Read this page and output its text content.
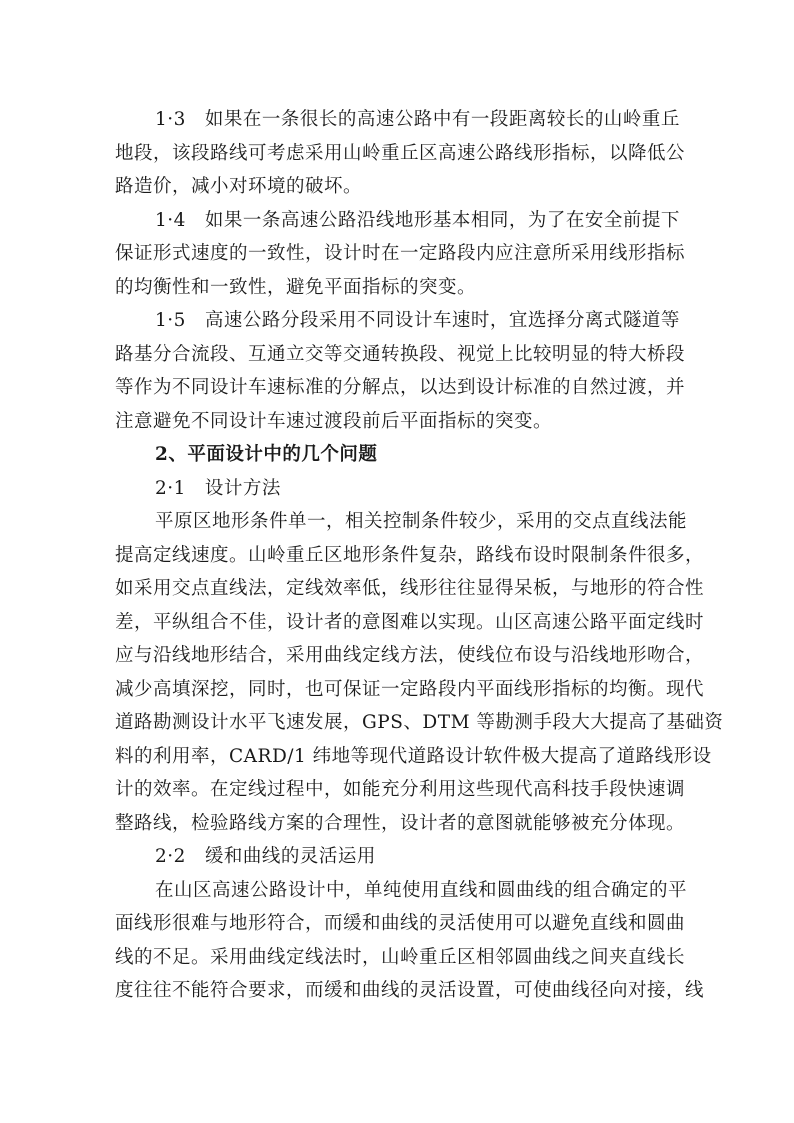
1·3　如果在一条很长的高速公路中有一段距离较长的山岭重丘
地段，该段路线可考虑采用山岭重丘区高速公路线形指标，以降低公
路造价，减小对环境的破坏。
1·4　如果一条高速公路沿线地形基本相同，为了在安全前提下
保证形式速度的一致性，设计时在一定路段内应注意所采用线形指标
的均衡性和一致性，避免平面指标的突变。
1·5　高速公路分段采用不同设计车速时，宜选择分离式隧道等
路基分合流段、互通立交等交通转换段、视觉上比较明显的特大桥段
等作为不同设计车速标准的分解点，以达到设计标准的自然过渡，并
注意避免不同设计车速过渡段前后平面指标的突变。
2、平面设计中的几个问题
2·1　设计方法
平原区地形条件单一，相关控制条件较少，采用的交点直线法能
提高定线速度。山岭重丘区地形条件复杂，路线布设时限制条件很多，
如采用交点直线法，定线效率低，线形往往显得呆板，与地形的符合性
差，平纵组合不佳，设计者的意图难以实现。山区高速公路平面定线时
应与沿线地形结合，采用曲线定线方法，使线位布设与沿线地形吻合，
减少高填深挖，同时，也可保证一定路段内平面线形指标的均衡。现代
道路勘测设计水平飞速发展，GPS、DTM 等勘测手段大大提高了基础资
料的利用率，CARD/1 纬地等现代道路设计软件极大提高了道路线形设
计的效率。在定线过程中，如能充分利用这些现代高科技手段快速调
整路线，检验路线方案的合理性，设计者的意图就能够被充分体现。
2·2　缓和曲线的灵活运用
在山区高速公路设计中，单纯使用直线和圆曲线的组合确定的平
面线形很难与地形符合，而缓和曲线的灵活使用可以避免直线和圆曲
线的不足。采用曲线定线法时，山岭重丘区相邻圆曲线之间夹直线长
度往往不能符合要求，而缓和曲线的灵活设置，可使曲线径向对接，线
